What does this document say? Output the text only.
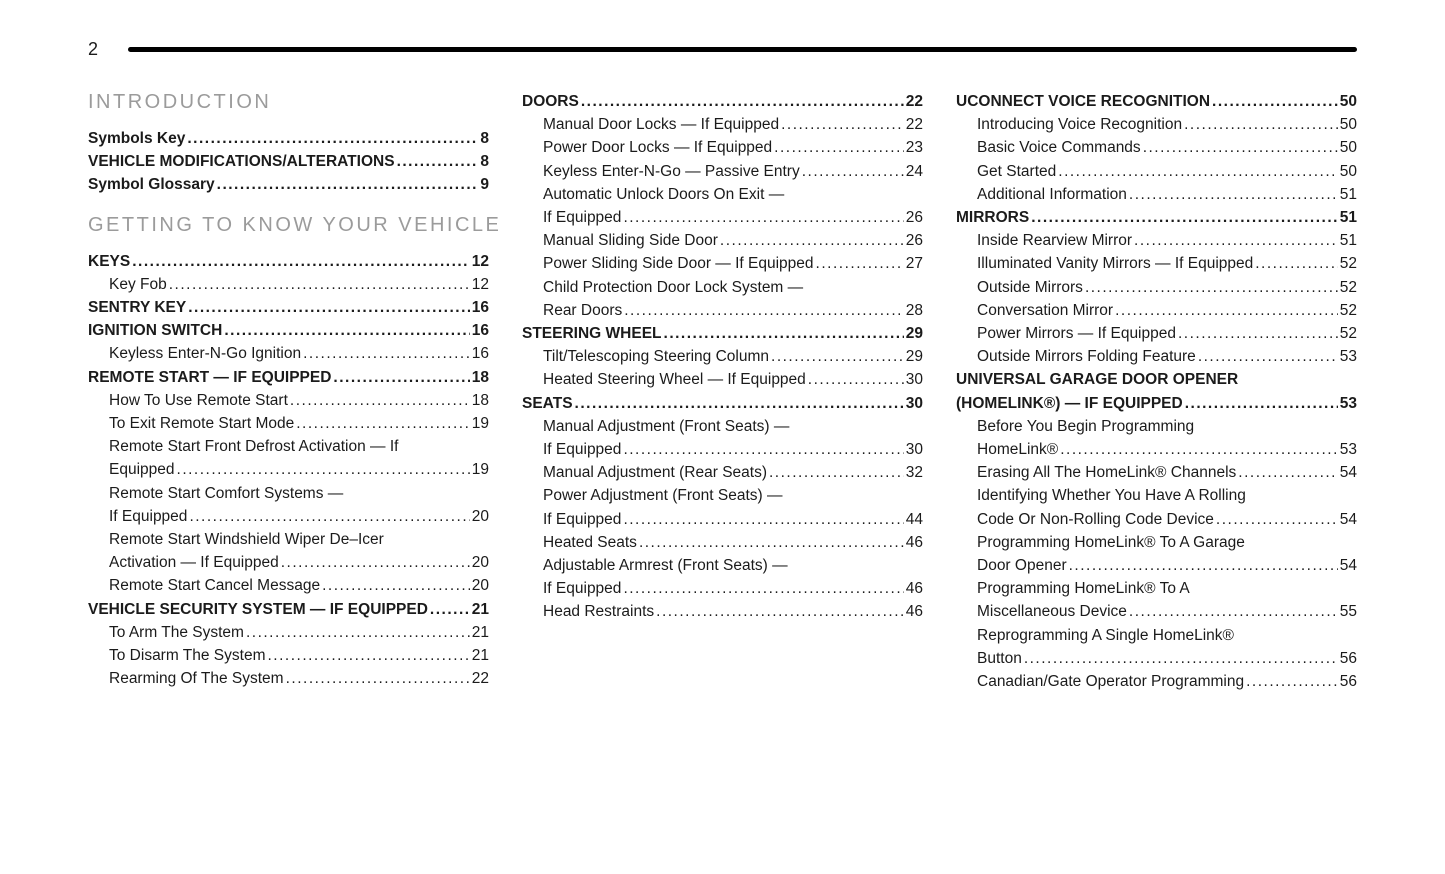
2
INTRODUCTION
Symbols Key .....	8
VEHICLE MODIFICATIONS/ALTERATIONS .....	8
Symbol Glossary .....	9
GETTING TO KNOW YOUR VEHICLE
KEYS .....	12
Key Fob .....	12
SENTRY KEY .....	16
IGNITION SWITCH .....	16
Keyless Enter-N-Go Ignition .....	16
REMOTE START — IF EQUIPPED .....	18
How To Use Remote Start .....	18
To Exit Remote Start Mode .....	19
Remote Start Front Defrost Activation — If
Equipped .....	19
Remote Start Comfort Systems —
If Equipped .....	20
Remote Start Windshield Wiper De–Icer
Activation — If Equipped .....	20
Remote Start Cancel Message .....	20
VEHICLE SECURITY SYSTEM — IF EQUIPPED .....	21
To Arm The System .....	21
To Disarm The System .....	21
Rearming Of The System .....	22
DOORS .....	22
Manual Door Locks — If Equipped .....	22
Power Door Locks — If Equipped .....	23
Keyless Enter-N-Go — Passive Entry .....	24
Automatic Unlock Doors On Exit —
If Equipped .....	26
Manual Sliding Side Door .....	26
Power Sliding Side Door — If Equipped .....	27
Child Protection Door Lock System —
Rear Doors .....	28
STEERING WHEEL .....	29
Tilt/Telescoping Steering Column .....	29
Heated Steering Wheel — If Equipped .....	30
SEATS .....	30
Manual Adjustment (Front Seats) —
If Equipped .....	30
Manual Adjustment (Rear Seats) .....	32
Power Adjustment (Front Seats) —
If Equipped .....	44
Heated Seats .....	46
Adjustable Armrest (Front Seats) —
If Equipped .....	46
Head Restraints .....	46
UCONNECT VOICE RECOGNITION .....	50
Introducing Voice Recognition .....	50
Basic Voice Commands .....	50
Get Started .....	50
Additional Information .....	51
MIRRORS .....	51
Inside Rearview Mirror .....	51
Illuminated Vanity Mirrors — If Equipped .....	52
Outside Mirrors .....	52
Conversation Mirror .....	52
Power Mirrors — If Equipped .....	52
Outside Mirrors Folding Feature .....	53
UNIVERSAL GARAGE DOOR OPENER
(HOMELINK®) — IF EQUIPPED .....	53
Before You Begin Programming
HomeLink® .....	53
Erasing All The HomeLink® Channels .....	54
Identifying Whether You Have A Rolling
Code Or Non-Rolling Code Device .....	54
Programming HomeLink® To A Garage
Door Opener .....	54
Programming HomeLink® To A
Miscellaneous Device .....	55
Reprogramming A Single HomeLink®
Button .....	56
Canadian/Gate Operator Programming .....	56
